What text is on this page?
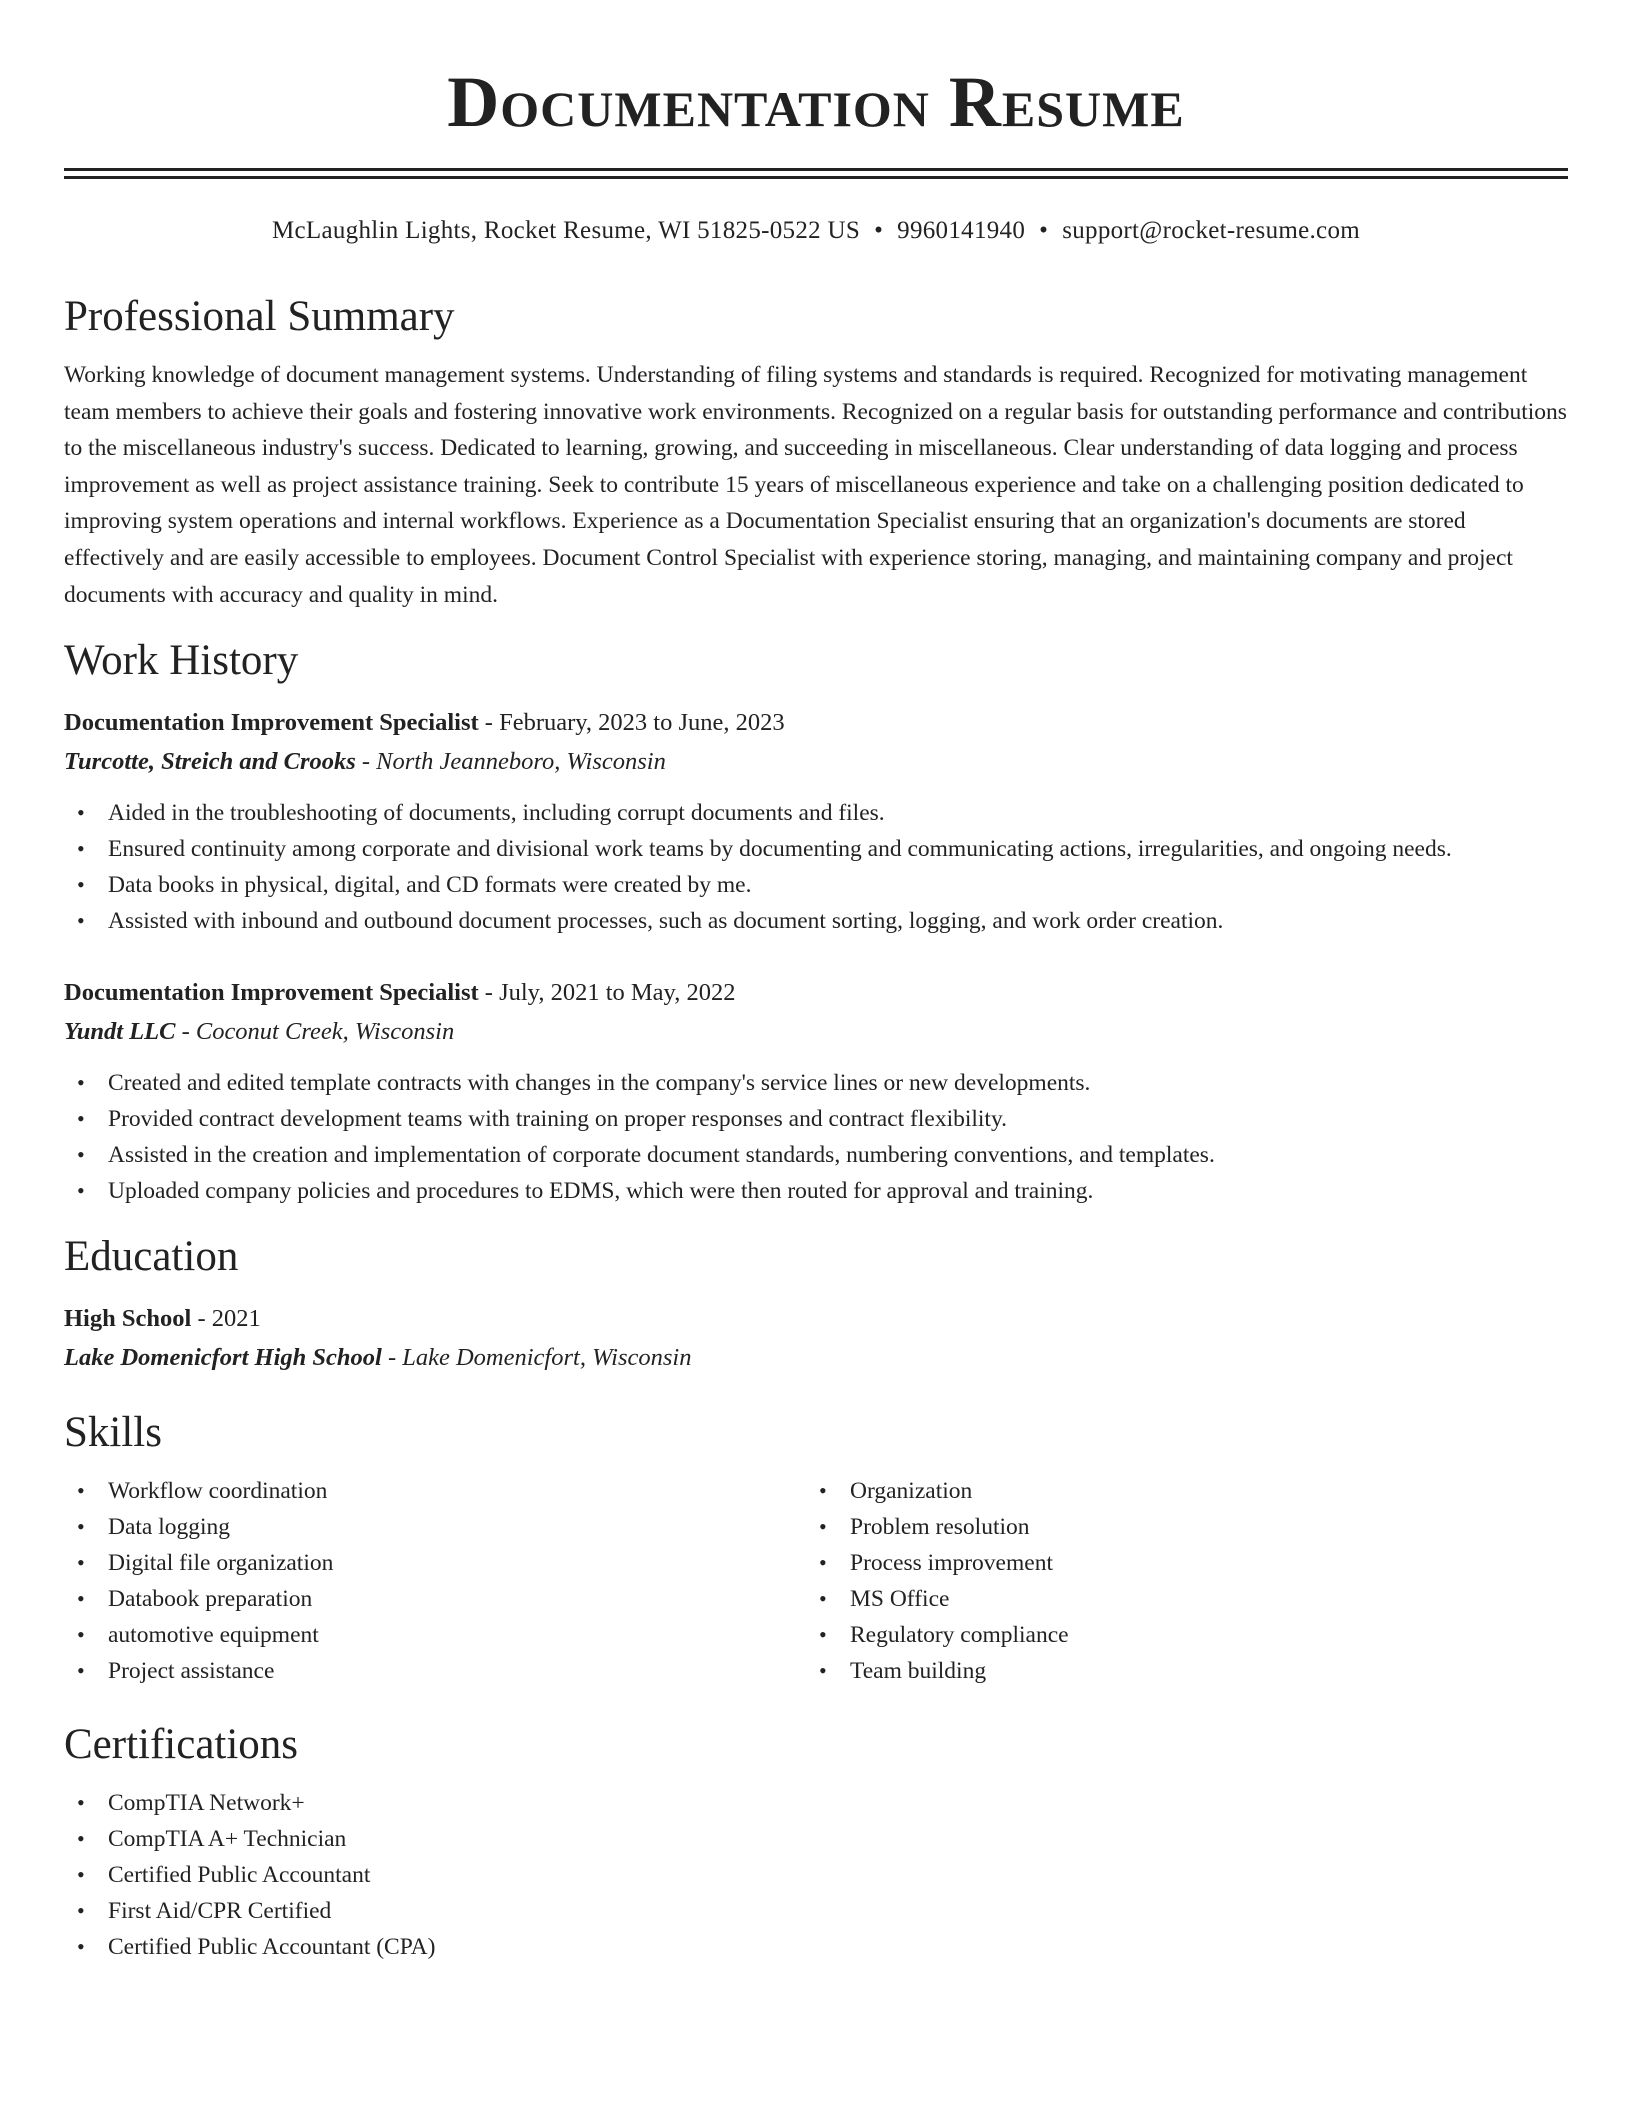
Documentation Resume
McLaughlin Lights, Rocket Resume, WI 51825-0522 US • 9960141940 • support@rocket-resume.com
Professional Summary

Working knowledge of document management systems. Understanding of filing systems and standards is required. Recognized for motivating management team members to achieve their goals and fostering innovative work environments. Recognized on a regular basis for outstanding performance and contributions to the miscellaneous industry's success. Dedicated to learning, growing, and succeeding in miscellaneous. Clear understanding of data logging and process improvement as well as project assistance training. Seek to contribute 15 years of miscellaneous experience and take on a challenging position dedicated to improving system operations and internal workflows. Experience as a Documentation Specialist ensuring that an organization's documents are stored effectively and are easily accessible to employees. Document Control Specialist with experience storing, managing, and maintaining company and project documents with accuracy and quality in mind.

Work History
Documentation Improvement Specialist - February, 2023 to June, 2023
Turcotte, Streich and Crooks - North Jeanneboro, Wisconsin
• Aided in the troubleshooting of documents, including corrupt documents and files.
• Ensured continuity among corporate and divisional work teams by documenting and communicating actions, irregularities, and ongoing needs.
• Data books in physical, digital, and CD formats were created by me.
• Assisted with inbound and outbound document processes, such as document sorting, logging, and work order creation.
Documentation Improvement Specialist - July, 2021 to May, 2022
Yundt LLC - Coconut Creek, Wisconsin
• Created and edited template contracts with changes in the company's service lines or new developments.
• Provided contract development teams with training on proper responses and contract flexibility.
• Assisted in the creation and implementation of corporate document standards, numbering conventions, and templates.
• Uploaded company policies and procedures to EDMS, which were then routed for approval and training.
Education
High School - 2021
Lake Domenicfort High School - Lake Domenicfort, Wisconsin
Skills
• Workflow coordination
• Data logging
• Digital file organization
• Databook preparation
• automotive equipment
• Project assistance
• Organization
• Problem resolution
• Process improvement
• MS Office
• Regulatory compliance
• Team building
Certifications
• CompTIA Network+
• CompTIA A+ Technician
• Certified Public Accountant
• First Aid/CPR Certified
• Certified Public Accountant (CPA)
